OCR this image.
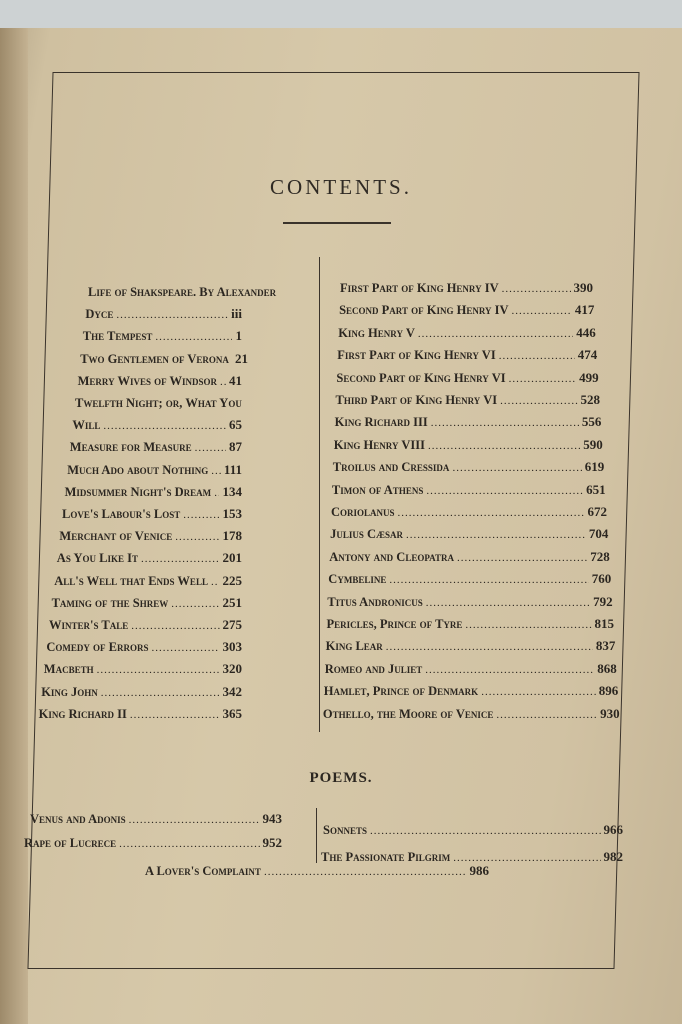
CONTENTS.
Life of Shakspeare. By Alexander
Dyce .....	iii
The Tempest .....	1
Two Gentlemen of Verona 21
Merry Wives of Windsor ..... 41
Twelfth Night; or, What You
Will .....	65
Measure for Measure .....	87
Much Ado about Nothing ..... 111
Midsummer Night's Dream ..... 134
Love's Labour's Lost .....	153
Merchant of Venice .....	178
As You Like It .....	201
All's Well that Ends Well ..... 225
Taming of the Shrew .....	251
Winter's Tale .....	275
Comedy of Errors .....	303
Macbeth .....	320
King John .....	342
King Richard II .....	365
First Part of King Henry IV .....	390
Second Part of King Henry IV .....	417
King Henry V .....	446
First Part of King Henry VI .....	474
Second Part of King Henry VI .....	499
Third Part of King Henry VI .....	528
King Richard III .....	556
King Henry VIII .....	590
Troilus and Cressida .....	619
Timon of Athens .....	651
Coriolanus .....	672
Julius Cæsar .....	704
Antony and Cleopatra .....	728
Cymbeline .....	760
Titus Andronicus .....	792
Pericles, Prince of Tyre .....	815
King Lear .....	837
Romeo and Juliet .....	868
Hamlet, Prince of Denmark .....	896
Othello, the Moore of Venice .....	930
POEMS.
Venus and Adonis .....	943
Rape of Lucrece .....	952
Sonnets .....	966
The Passionate Pilgrim .....	982
A Lover's Complaint .....	986
